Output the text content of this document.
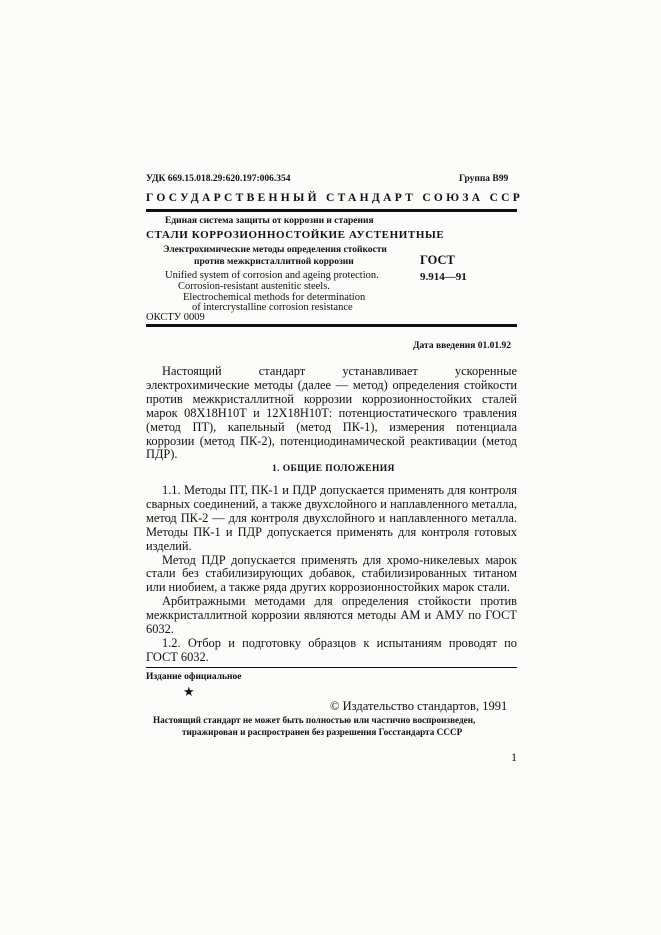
УДК 669.15.018.29:620.197:006.354	Группа В99
ГОСУДАРСТВЕННЫЙ СТАНДАРТ СОЮЗА ССР
Единая система защиты от коррозии и старения
СТАЛИ КОРРОЗИОННОСТОЙКИЕ АУСТЕНИТНЫЕ
Электрохимические методы определения стойкости
против межкристаллитной коррозии	ГОСТ
9.914—91
Unified system of corrosion and ageing protection.
Corrosion-resistant austenitic steels.
Electrochemical methods for determination
of intercrystalline corrosion resistance
ОКСТУ 0009
Дата введения 01.01.92

Настоящий стандарт устанавливает ускоренные электрохимические методы (далее — метод) определения стойкости против межкристаллитной коррозии коррозионностойких сталей марок 08Х18Н10Т и 12Х18Н10Т: потенциостатического травления (метод ПТ), капельный (метод ПК-1), измерения потенциала коррозии (метод ПК-2), потенциодинамической реактивации (метод ПДР).

1. ОБЩИЕ ПОЛОЖЕНИЯ

1.1. Методы ПТ, ПК-1 и ПДР допускается применять для контроля сварных соединений, а также двухслойного и наплавленного металла, метод ПК-2 — для контроля двухслойного и наплавленного металла. Методы ПК-1 и ПДР допускается применять для контроля готовых изделий.

Метод ПДР допускается применять для хромо-никелевых марок стали без стабилизирующих добавок, стабилизированных титаном или ниобием, а также ряда других коррозионностойких марок стали.

Арбитражными методами для определения стойкости против межкристаллитной коррозии являются методы АМ и АМУ по ГОСТ 6032.

1.2. Отбор и подготовку образцов к испытаниям проводят по ГОСТ 6032.

Издание официальное
★
© Издательство стандартов, 1991
Настоящий стандарт не может быть полностью или частично воспроизведен,
тиражирован и распространен без разрешения Госстандарта СССР
1
